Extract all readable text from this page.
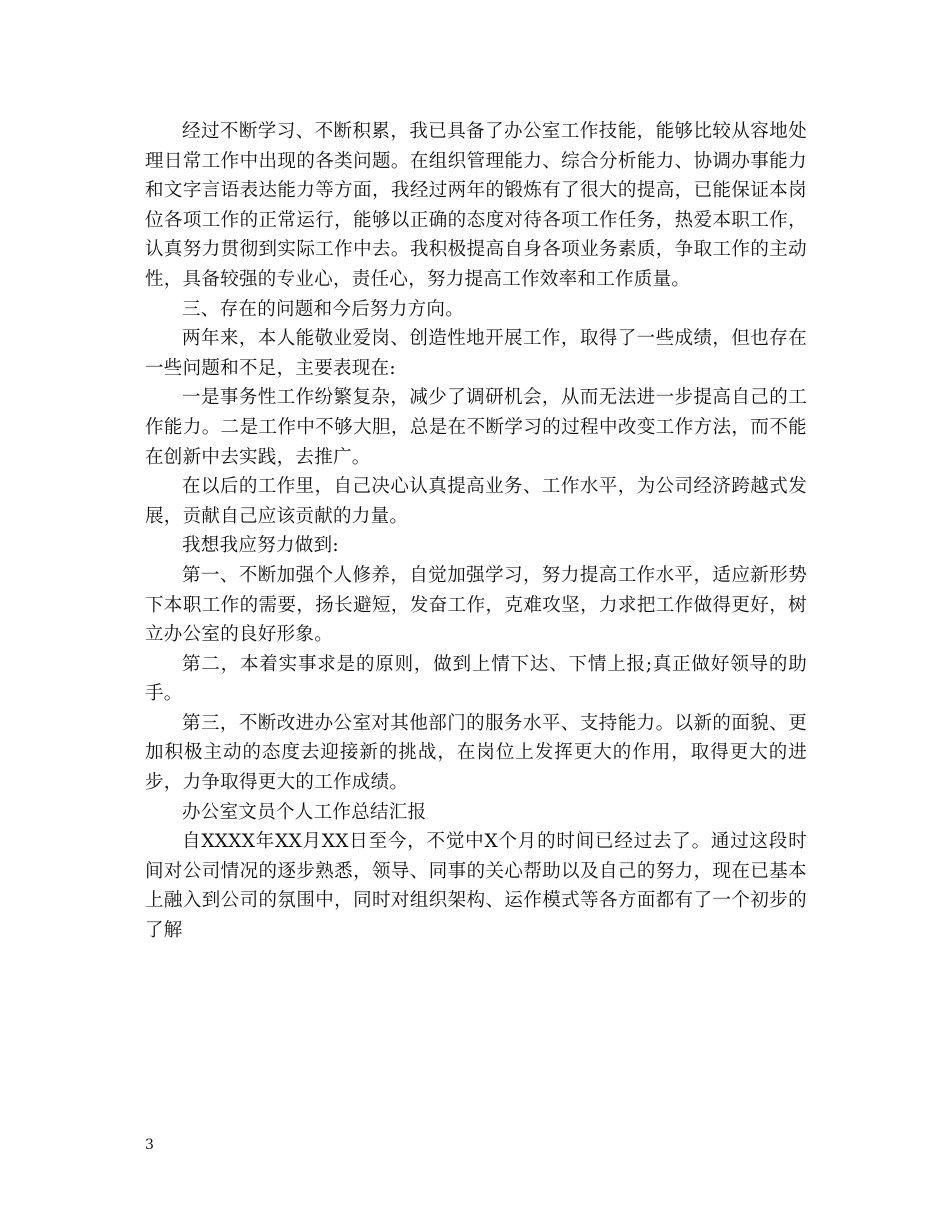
经过不断学习、不断积累，我已具备了办公室工作技能，能够比较从容地处理日常工作中出现的各类问题。在组织管理能力、综合分析能力、协调办事能力和文字言语表达能力等方面，我经过两年的锻炼有了很大的提高，已能保证本岗位各项工作的正常运行，能够以正确的态度对待各项工作任务，热爱本职工作，认真努力贯彻到实际工作中去。我积极提高自身各项业务素质，争取工作的主动性，具备较强的专业心，责任心，努力提高工作效率和工作质量。

三、存在的问题和今后努力方向。

两年来，本人能敬业爱岗、创造性地开展工作，取得了一些成绩，但也存在一些问题和不足，主要表现在:

一是事务性工作纷繁复杂，减少了调研机会，从而无法进一步提高自己的工作能力。二是工作中不够大胆，总是在不断学习的过程中改变工作方法，而不能在创新中去实践，去推广。

在以后的工作里，自己决心认真提高业务、工作水平，为公司经济跨越式发展，贡献自己应该贡献的力量。

我想我应努力做到:

第一、不断加强个人修养，自觉加强学习，努力提高工作水平，适应新形势下本职工作的需要，扬长避短，发奋工作，克难攻坚，力求把工作做得更好，树立办公室的良好形象。

第二，本着实事求是的原则，做到上情下达、下情上报;真正做好领导的助手。

第三，不断改进办公室对其他部门的服务水平、支持能力。以新的面貌、更加积极主动的态度去迎接新的挑战，在岗位上发挥更大的作用，取得更大的进步，力争取得更大的工作成绩。

办公室文员个人工作总结汇报

自XXXX年XX月XX日至今，不觉中X个月的时间已经过去了。通过这段时间对公司情况的逐步熟悉，领导、同事的关心帮助以及自己的努力，现在已基本上融入到公司的氛围中，同时对组织架构、运作模式等各方面都有了一个初步的了解

3
